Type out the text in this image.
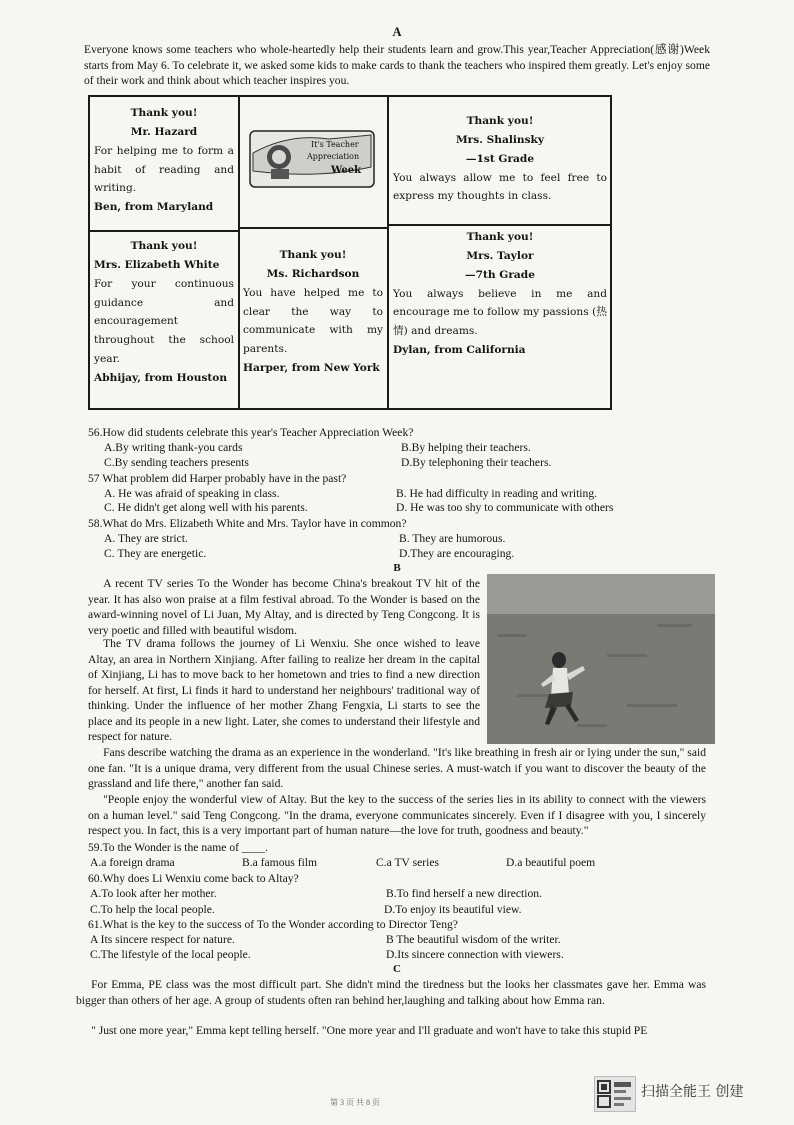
A
Everyone knows some teachers who whole-heartedly help their students learn and grow.This year,Teacher Appreciation(感谢)Week starts from May 6. To celebrate it, we asked some kids to make cards to thank the teachers who inspired them greatly. Let's enjoy some of their work and think about which teacher inspires you.
Thank you!
Mr. Hazard
For helping me to form a habit of reading and writing.
Ben, from Maryland
It's Teacher
Appreciation
Week
Thank you!
Mrs. Shalinsky
—1st Grade
You always allow me to feel free to express my thoughts in class.
Thank you!
Mrs. Elizabeth White
For your continuous guidance and encouragement throughout the school year.
Abhijay, from Houston
Thank you!
Ms. Richardson
You have helped me to clear the way to communicate with my parents.
Harper, from New York
Thank you!
Mrs. Taylor
—7th Grade
You always believe in me and encourage me to follow my passions (热情) and dreams.
Dylan, from California
56.How did students celebrate this year's Teacher Appreciation Week?
A.By writing thank-you cards	B.By helping their teachers.
C.By sending teachers presents	D.By telephoning their teachers.
57 What problem did Harper probably have in the past?
A. He was afraid of speaking in class.	B. He had difficulty in reading and writing.
C. He didn't get along well with his parents.	D. He was too shy to communicate with others
58.What do Mrs. Elizabeth White and Mrs. Taylor have in common?
A. They are strict.	B. They are humorous.
C. They are energetic.	D.They are encouraging.
B
A recent TV series To the Wonder has become China's breakout TV hit of the year. It has also won praise at a film festival abroad. To the Wonder is based on the award-winning novel of Li Juan, My Altay, and is directed by Teng Congcong. It is very poetic and filled with beautiful wisdom.
The TV drama follows the journey of Li Wenxiu. She once wished to leave Altay, an area in Northern Xinjiang. After failing to realize her dream in the capital of Xinjiang, Li has to move back to her hometown and tries to find a new direction for herself. At first, Li finds it hard to understand her neighbours' traditional way of thinking. Under the influence of her mother Zhang Fengxia, Li starts to see the place and its people in a new light. Later, she comes to understand their lifestyle and respect for nature.
Fans describe watching the drama as an experience in the wonderland. "It's like breathing in fresh air or lying under the sun," said one fan. "It is a unique drama, very different from the usual Chinese series. A must-watch if you want to discover the beauty of the grassland and life there," another fan said.
"People enjoy the wonderful view of Altay. But the key to the success of the series lies in its ability to connect with the viewers on a human level." said Teng Congcong. "In the drama, everyone communicates sincerely. Even if I disagree with you, I sincerely respect you. In fact, this is a very important part of human nature—the love for truth, goodness and beauty."
59.To the Wonder is the name of ____.
A.a foreign drama	B.a famous film	C.a TV series	D.a beautiful poem
60.Why does Li Wenxiu come back to Altay?
A.To look after her mother.	B.To find herself a new direction.
C.To help the local people.	D.To enjoy its beautiful view.
61.What is the key to the success of To the Wonder according to Director Teng?
A Its sincere respect for nature.	B The beautiful wisdom of the writer.
C.The lifestyle of the local people.	D.Its sincere connection with viewers.
C
For Emma, PE class was the most difficult part. She didn't mind the tiredness but the looks her classmates gave her. Emma was bigger than others of her age. A group of students often ran behind her,laughing and talking about how Emma ran.
" Just one more year," Emma kept telling herself. "One more year and I'll graduate and won't have to take this stupid PE
第 3 页 共 8 页
扫描全能王 创建
